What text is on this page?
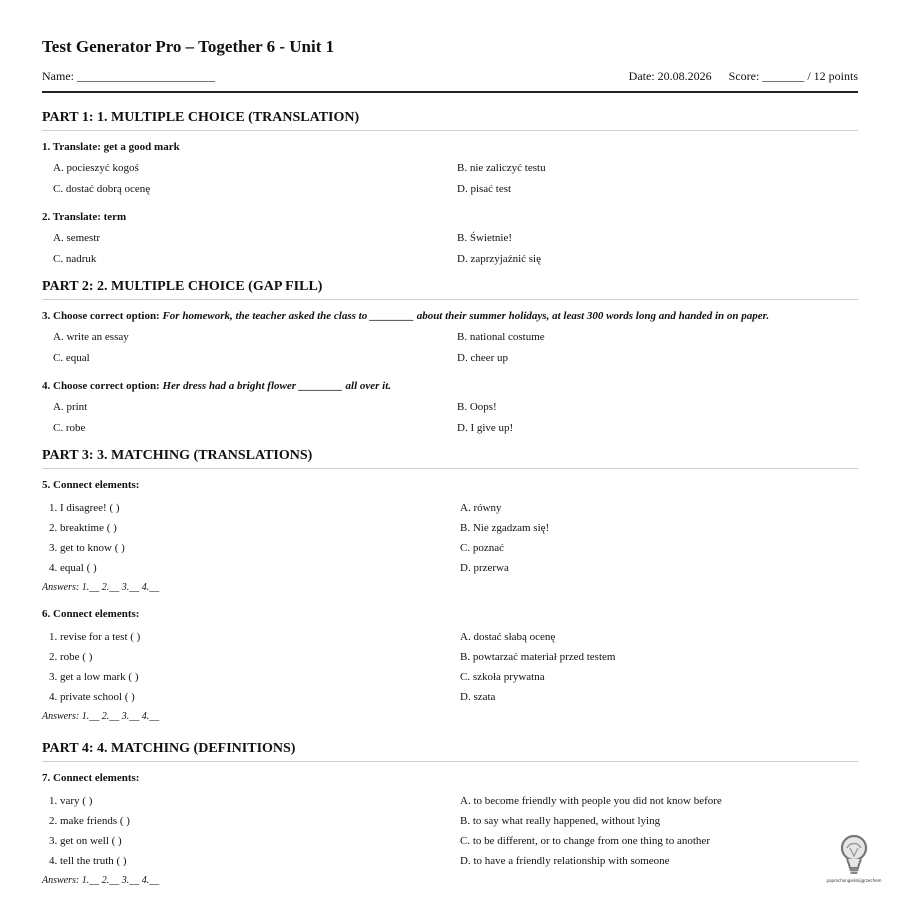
Test Generator Pro – Together 6 - Unit 1
Name: _______________________	Date: 20.08.2026 Score: _______ / 12 points
PART 1: 1. MULTIPLE CHOICE (TRANSLATION)
1. Translate: get a good mark
A. pocieszyć kogoś	B. nie zaliczyć testu
C. dostać dobrą ocenę	D. pisać test
2. Translate: term
A. semestr	B. Świetnie!
C. nadruk	D. zaprzyjaźnić się
PART 2: 2. MULTIPLE CHOICE (GAP FILL)
3. Choose correct option: For homework, the teacher asked the class to ________ about their summer holidays, at least 300 words long and handed in on paper.
A. write an essay	B. national costume
C. equal	D. cheer up
4. Choose correct option: Her dress had a bright flower ________ all over it.
A. print	B. Oops!
C. robe	D. I give up!
PART 3: 3. MATCHING (TRANSLATIONS)
5. Connect elements:
1. I disagree! ( )	A. równy
2. breaktime ( )	B. Nie zgadzam się!
3. get to know ( )	C. poznać
4. equal ( )	D. przerwa
Answers: 1.__ 2.__ 3.__ 4.__
6. Connect elements:
1. revise for a test ( )	A. dostać słabą ocenę
2. robe ( )	B. powtarzać materiał przed testem
3. get a low mark ( )	C. szkoła prywatna
4. private school ( )	D. szata
Answers: 1.__ 2.__ 3.__ 4.__
PART 4: 4. MATCHING (DEFINITIONS)
7. Connect elements:
1. vary ( )	A. to become friendly with people you did not know before
2. make friends ( )	B. to say what really happened, without lying
3. get on well ( )	C. to be different, or to change from one thing to another
4. tell the truth ( )	D. to have a friendly relationship with someone
Answers: 1.__ 2.__ 3.__ 4.__	paprochangielskijgrzechem
